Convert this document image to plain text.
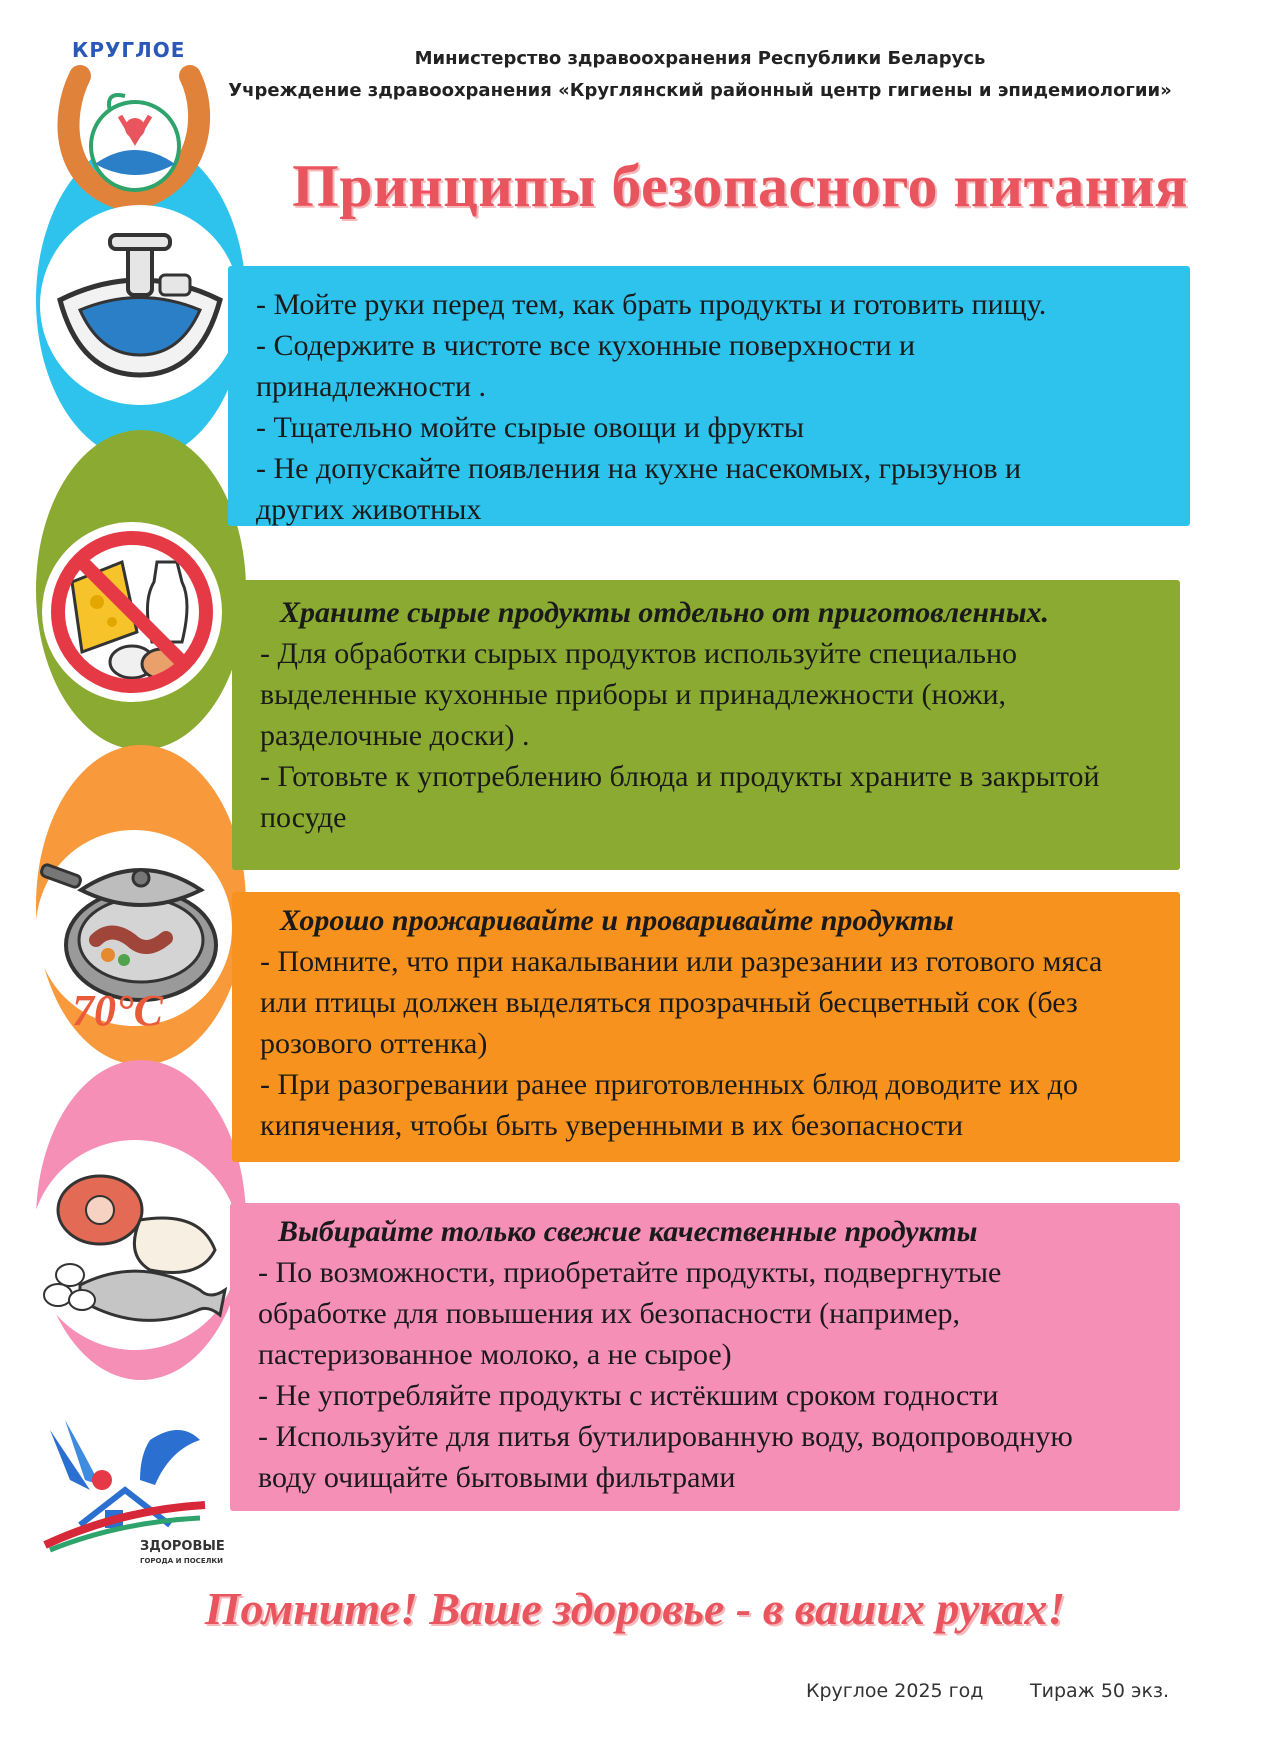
Министерство здравоохранения Республики Беларусь
Учреждение здравоохранения «Круглянский районный центр гигиены и эпидемиологии»
Принципы безопасного питания
КРУГЛОЕ
70°С
- Мойте руки перед тем, как брать продукты и готовить пищу.
- Содержите в чистоте все кухонные поверхности и
принадлежности .
- Тщательно мойте сырые овощи и фрукты
- Не допускайте появления на кухне насекомых, грызунов и
других животных
Храните сырые продукты отдельно от приготовленных.
- Для обработки сырых продуктов используйте специально
выделенные кухонные приборы и принадлежности (ножи,
разделочные доски) .
- Готовьте к употреблению блюда и продукты храните в закрытой
посуде
Хорошо прожаривайте и проваривайте продукты
- Помните, что при накалывании или разрезании из готового мяса
или птицы должен выделяться прозрачный бесцветный сок (без
розового оттенка)
- При разогревании ранее приготовленных блюд доводите их до
кипячения, чтобы быть уверенными в их безопасности
Выбирайте только свежие качественные продукты
- По возможности, приобретайте продукты, подвергнутые
обработке для повышения их безопасности (например,
пастеризованное молоко, а не сырое)
- Не употребляйте продукты с истёкшим сроком годности
- Используйте для питья бутилированную воду, водопроводную
воду очищайте бытовыми фильтрами
ЗДОРОВЫЕ
ГОРОДА И ПОСЕЛКИ
Помните! Ваше здоровье - в ваших руках!
Круглое 2025 год Тираж 50 экз.
